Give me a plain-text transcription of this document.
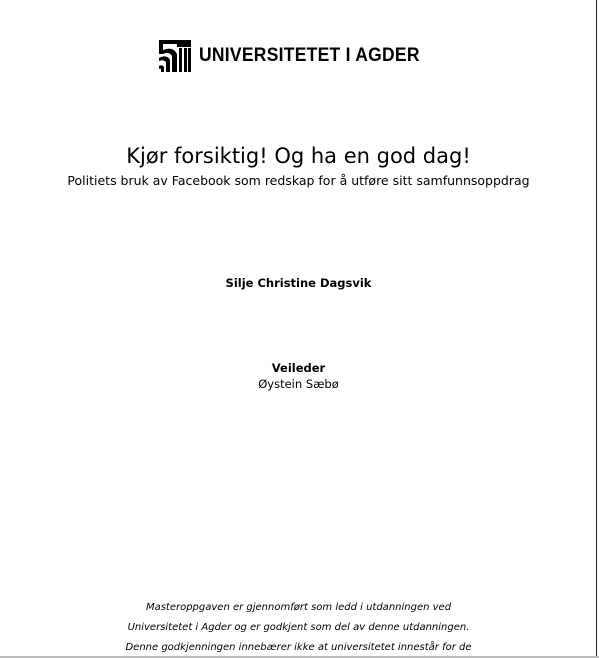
UNIVERSITETET I AGDER
Kjør forsiktig! Og ha en god dag!
Politiets bruk av Facebook som redskap for å utføre sitt samfunnsoppdrag
Silje Christine Dagsvik
Veileder
Øystein Sæbø
Masteroppgaven er gjennomført som ledd i utdanningen ved
Universitetet i Agder og er godkjent som del av denne utdanningen.
Denne godkjenningen innebærer ikke at universitetet innestår for de
